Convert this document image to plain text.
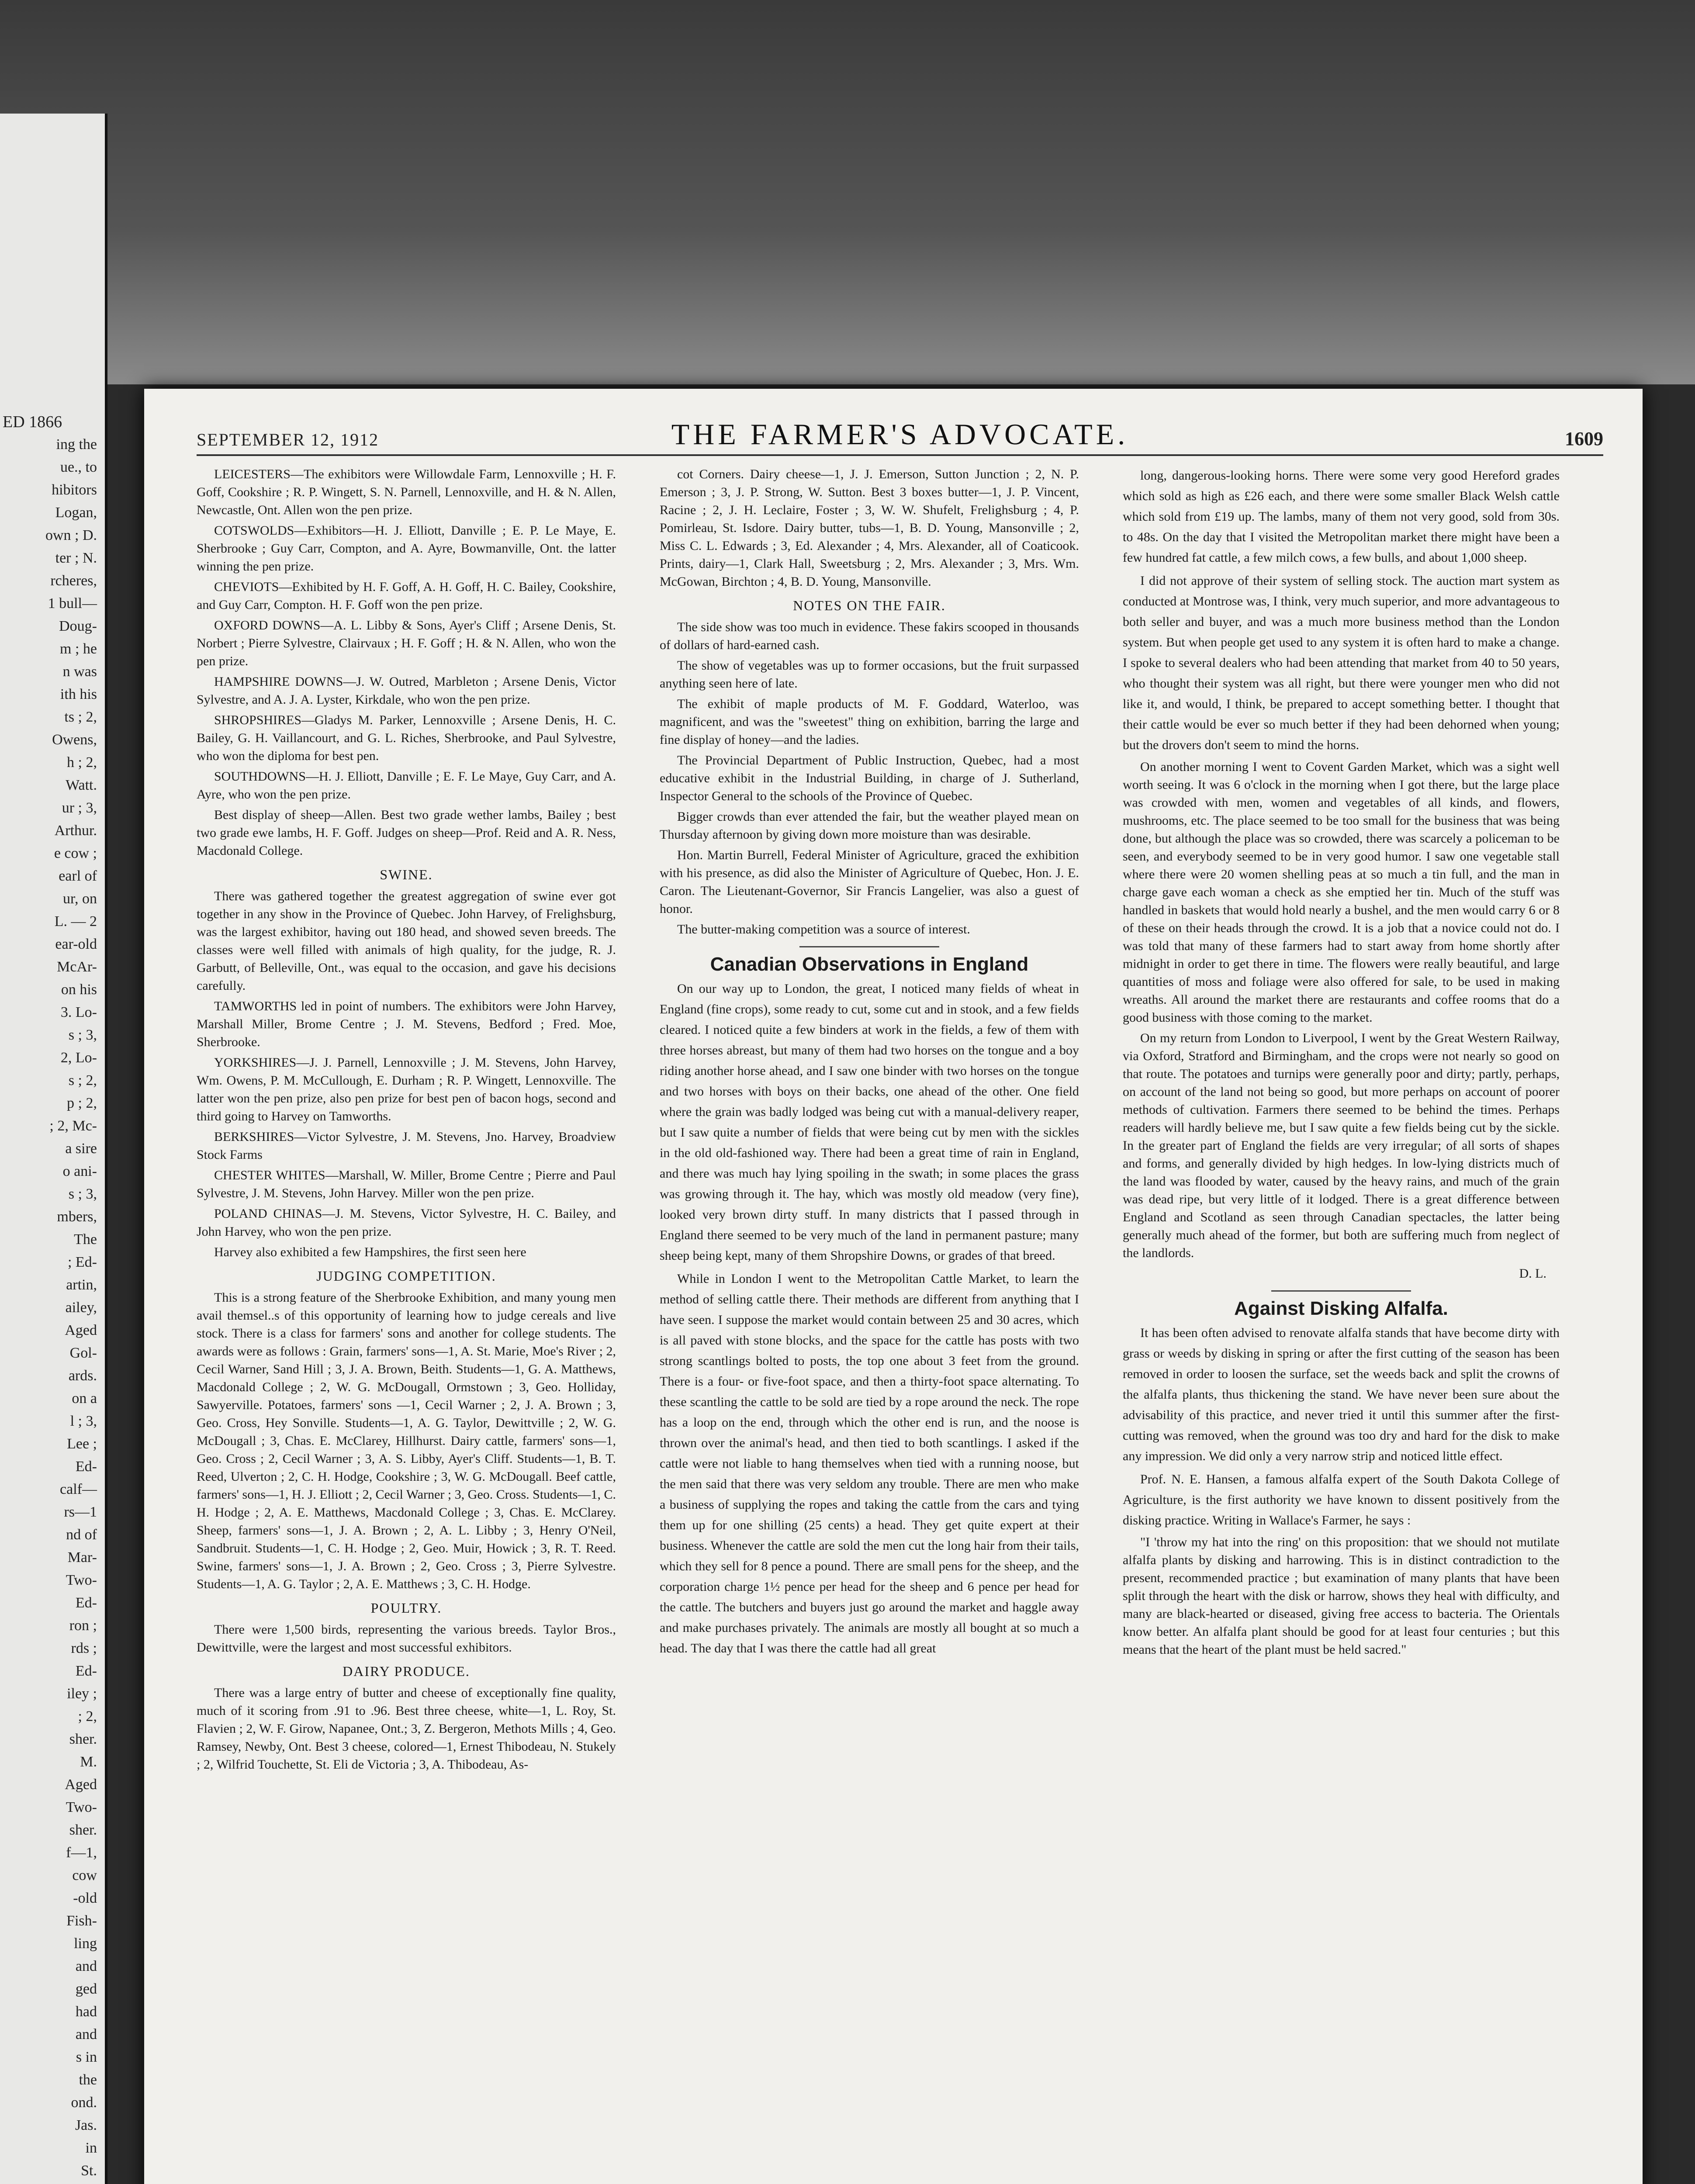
ED 1866

ing the

ue., to

hibitors

Logan,

own ; D.

ter ; N.

rcheres,

1 bull—

Doug-

m ; he

n was

ith his

ts ; 2,

Owens,

h ; 2,

Watt.

ur ; 3,

Arthur.

e cow ;

earl of

ur, on

L. — 2

ear-old

McAr-

on his

3. Lo-

s ; 3,

2, Lo-

s ; 2,

p ; 2,

; 2, Mc-

a sire

o ani-

s ; 3,

mbers,

The

; Ed-

artin,

ailey,

Aged

Gol-

ards.

on a

l ; 3,

Lee ;

Ed-

calf—

rs—1

nd of

Mar-

Two-

Ed-

ron ;

rds ;

Ed-

iley ;

; 2,

sher.

M.

Aged

Two-

sher.

f—1,

cow

-old

Fish-

ling

and

ged

had

and

s in

the

ond.

Jas.

in

St.

SEPTEMBER 12, 1912	THE FARMER'S ADVOCATE.	1609

LEICESTERS—The exhibitors were Willowdale Farm, Lennoxville ; H. F. Goff, Cookshire ; R. P. Wingett, S. N. Parnell, Lennoxville, and H. & N. Allen, Newcastle, Ont. Allen won the pen prize.

COTSWOLDS—Exhibitors—H. J. Elliott, Danville ; E. P. Le Maye, E. Sherbrooke ; Guy Carr, Compton, and A. Ayre, Bowmanville, Ont. the latter winning the pen prize.

CHEVIOTS—Exhibited by H. F. Goff, A. H. Goff, H. C. Bailey, Cookshire, and Guy Carr, Compton. H. F. Goff won the pen prize.

OXFORD DOWNS—A. L. Libby & Sons, Ayer's Cliff ; Arsene Denis, St. Norbert ; Pierre Sylvestre, Clairvaux ; H. F. Goff ; H. & N. Allen, who won the pen prize.

HAMPSHIRE DOWNS—J. W. Outred, Marbleton ; Arsene Denis, Victor Sylvestre, and A. J. A. Lyster, Kirkdale, who won the pen prize.

SHROPSHIRES—Gladys M. Parker, Lennoxville ; Arsene Denis, H. C. Bailey, G. H. Vaillancourt, and G. L. Riches, Sherbrooke, and Paul Sylvestre, who won the diploma for best pen.

SOUTHDOWNS—H. J. Elliott, Danville ; E. F. Le Maye, Guy Carr, and A. Ayre, who won the pen prize.

Best display of sheep—Allen. Best two grade wether lambs, Bailey ; best two grade ewe lambs, H. F. Goff. Judges on sheep—Prof. Reid and A. R. Ness, Macdonald College.

SWINE.

There was gathered together the greatest aggregation of swine ever got together in any show in the Province of Quebec. John Harvey, of Frelighsburg, was the largest exhibitor, having out 180 head, and showed seven breeds. The classes were well filled with animals of high quality, for the judge, R. J. Garbutt, of Belleville, Ont., was equal to the occasion, and gave his decisions carefully.

TAMWORTHS led in point of numbers. The exhibitors were John Harvey, Marshall Miller, Brome Centre ; J. M. Stevens, Bedford ; Fred. Moe, Sherbrooke.

YORKSHIRES—J. J. Parnell, Lennoxville ; J. M. Stevens, John Harvey, Wm. Owens, P. M. McCullough, E. Durham ; R. P. Wingett, Lennoxville. The latter won the pen prize, also pen prize for best pen of bacon hogs, second and third going to Harvey on Tamworths.

BERKSHIRES—Victor Sylvestre, J. M. Stevens, Jno. Harvey, Broadview Stock Farms

CHESTER WHITES—Marshall, W. Miller, Brome Centre ; Pierre and Paul Sylvestre, J. M. Stevens, John Harvey. Miller won the pen prize.

POLAND CHINAS—J. M. Stevens, Victor Sylvestre, H. C. Bailey, and John Harvey, who won the pen prize.

Harvey also exhibited a few Hampshires, the first seen here

JUDGING COMPETITION.

This is a strong feature of the Sherbrooke Exhibition, and many young men avail themsel..s of this opportunity of learning how to judge cereals and live stock. There is a class for farmers' sons and another for college students. The awards were as follows : Grain, farmers' sons—1, A. St. Marie, Moe's River ; 2, Cecil Warner, Sand Hill ; 3, J. A. Brown, Beith. Students—1, G. A. Matthews, Macdonald College ; 2, W. G. McDougall, Ormstown ; 3, Geo. Holliday, Sawyerville. Potatoes, farmers' sons —1, Cecil Warner ; 2, J. A. Brown ; 3, Geo. Cross, Hey Sonville. Students—1, A. G. Taylor, Dewittville ; 2, W. G. McDougall ; 3, Chas. E. McClarey, Hillhurst. Dairy cattle, farmers' sons—1, Geo. Cross ; 2, Cecil Warner ; 3, A. S. Libby, Ayer's Cliff. Students—1, B. T. Reed, Ulverton ; 2, C. H. Hodge, Cookshire ; 3, W. G. McDougall. Beef cattle, farmers' sons—1, H. J. Elliott ; 2, Cecil Warner ; 3, Geo. Cross. Students—1, C. H. Hodge ; 2, A. E. Matthews, Macdonald College ; 3, Chas. E. McClarey. Sheep, farmers' sons—1, J. A. Brown ; 2, A. L. Libby ; 3, Henry O'Neil, Sandbruit. Students—1, C. H. Hodge ; 2, Geo. Muir, Howick ; 3, R. T. Reed. Swine, farmers' sons—1, J. A. Brown ; 2, Geo. Cross ; 3, Pierre Sylvestre. Students—1, A. G. Taylor ; 2, A. E. Matthews ; 3, C. H. Hodge.

POULTRY.

There were 1,500 birds, representing the various breeds. Taylor Bros., Dewittville, were the largest and most successful exhibitors.

DAIRY PRODUCE.

There was a large entry of butter and cheese of exceptionally fine quality, much of it scoring from .91 to .96. Best three cheese, white—1, L. Roy, St. Flavien ; 2, W. F. Girow, Napanee, Ont.; 3, Z. Bergeron, Methots Mills ; 4, Geo. Ramsey, Newby, Ont. Best 3 cheese, colored—1, Ernest Thibodeau, N. Stukely ; 2, Wilfrid Touchette, St. Eli de Victoria ; 3, A. Thibodeau, As-

cot Corners. Dairy cheese—1, J. J. Emerson, Sutton Junction ; 2, N. P. Emerson ; 3, J. P. Strong, W. Sutton. Best 3 boxes butter—1, J. P. Vincent, Racine ; 2, J. H. Leclaire, Foster ; 3, W. W. Shufelt, Frelighsburg ; 4, P. Pomirleau, St. Isdore. Dairy butter, tubs—1, B. D. Young, Mansonville ; 2, Miss C. L. Edwards ; 3, Ed. Alexander ; 4, Mrs. Alexander, all of Coaticook. Prints, dairy—1, Clark Hall, Sweetsburg ; 2, Mrs. Alexander ; 3, Mrs. Wm. McGowan, Birchton ; 4, B. D. Young, Mansonville.

NOTES ON THE FAIR.

The side show was too much in evidence. These fakirs scooped in thousands of dollars of hard-earned cash.

The show of vegetables was up to former occasions, but the fruit surpassed anything seen here of late.

The exhibit of maple products of M. F. Goddard, Waterloo, was magnificent, and was the "sweetest" thing on exhibition, barring the large and fine display of honey—and the ladies.

The Provincial Department of Public Instruction, Quebec, had a most educative exhibit in the Industrial Building, in charge of J. Sutherland, Inspector General to the schools of the Province of Quebec.

Bigger crowds than ever attended the fair, but the weather played mean on Thursday afternoon by giving down more moisture than was desirable.

Hon. Martin Burrell, Federal Minister of Agriculture, graced the exhibition with his presence, as did also the Minister of Agriculture of Quebec, Hon. J. E. Caron. The Lieutenant-Governor, Sir Francis Langelier, was also a guest of honor.

The butter-making competition was a source of interest.

Canadian Observations in England

On our way up to London, the great, I noticed many fields of wheat in England (fine crops), some ready to cut, some cut and in stook, and a few fields cleared. I noticed quite a few binders at work in the fields, a few of them with three horses abreast, but many of them had two horses on the tongue and a boy riding another horse ahead, and I saw one binder with two horses on the tongue and two horses with boys on their backs, one ahead of the other. One field where the grain was badly lodged was being cut with a manual-delivery reaper, but I saw quite a number of fields that were being cut by men with the sickles in the old old-fashioned way. There had been a great time of rain in England, and there was much hay lying spoiling in the swath; in some places the grass was growing through it. The hay, which was mostly old meadow (very fine), looked very brown dirty stuff. In many districts that I passed through in England there seemed to be very much of the land in permanent pasture; many sheep being kept, many of them Shropshire Downs, or grades of that breed.

While in London I went to the Metropolitan Cattle Market, to learn the method of selling cattle there. Their methods are different from anything that I have seen. I suppose the market would contain between 25 and 30 acres, which is all paved with stone blocks, and the space for the cattle has posts with two strong scantlings bolted to posts, the top one about 3 feet from the ground. There is a four- or five-foot space, and then a thirty-foot space alternating. To these scantling the cattle to be sold are tied by a rope around the neck. The rope has a loop on the end, through which the other end is run, and the noose is thrown over the animal's head, and then tied to both scantlings. I asked if the cattle were not liable to hang themselves when tied with a running noose, but the men said that there was very seldom any trouble. There are men who make a business of supplying the ropes and taking the cattle from the cars and tying them up for one shilling (25 cents) a head. They get quite expert at their business. Whenever the cattle are sold the men cut the long hair from their tails, which they sell for 8 pence a pound. There are small pens for the sheep, and the corporation charge 1½ pence per head for the sheep and 6 pence per head for the cattle. The butchers and buyers just go around the market and haggle away and make purchases privately. The animals are mostly all bought at so much a head. The day that I was there the cattle had all great

long, dangerous-looking horns. There were some very good Hereford grades which sold as high as £26 each, and there were some smaller Black Welsh cattle which sold from £19 up. The lambs, many of them not very good, sold from 30s. to 48s. On the day that I visited the Metropolitan market there might have been a few hundred fat cattle, a few milch cows, a few bulls, and about 1,000 sheep.

I did not approve of their system of selling stock. The auction mart system as conducted at Montrose was, I think, very much superior, and more advantageous to both seller and buyer, and was a much more business method than the London system. But when people get used to any system it is often hard to make a change. I spoke to several dealers who had been attending that market from 40 to 50 years, who thought their system was all right, but there were younger men who did not like it, and would, I think, be prepared to accept something better. I thought that their cattle would be ever so much better if they had been dehorned when young; but the drovers don't seem to mind the horns.

On another morning I went to Covent Garden Market, which was a sight well worth seeing. It was 6 o'clock in the morning when I got there, but the large place was crowded with men, women and vegetables of all kinds, and flowers, mushrooms, etc. The place seemed to be too small for the business that was being done, but although the place was so crowded, there was scarcely a policeman to be seen, and everybody seemed to be in very good humor. I saw one vegetable stall where there were 20 women shelling peas at so much a tin full, and the man in charge gave each woman a check as she emptied her tin. Much of the stuff was handled in baskets that would hold nearly a bushel, and the men would carry 6 or 8 of these on their heads through the crowd. It is a job that a novice could not do. I was told that many of these farmers had to start away from home shortly after midnight in order to get there in time. The flowers were really beautiful, and large quantities of moss and foliage were also offered for sale, to be used in making wreaths. All around the market there are restaurants and coffee rooms that do a good business with those coming to the market.

On my return from London to Liverpool, I went by the Great Western Railway, via Oxford, Stratford and Birmingham, and the crops were not nearly so good on that route. The potatoes and turnips were generally poor and dirty; partly, perhaps, on account of the land not being so good, but more perhaps on account of poorer methods of cultivation. Farmers there seemed to be behind the times. Perhaps readers will hardly believe me, but I saw quite a few fields being cut by the sickle. In the greater part of England the fields are very irregular; of all sorts of shapes and forms, and generally divided by high hedges. In low-lying districts much of the land was flooded by water, caused by the heavy rains, and much of the grain was dead ripe, but very little of it lodged. There is a great difference between England and Scotland as seen through Canadian spectacles, the latter being generally much ahead of the former, but both are suffering much from neglect of the landlords.

D. L.

Against Disking Alfalfa.

It has been often advised to renovate alfalfa stands that have become dirty with grass or weeds by disking in spring or after the first cutting of the season has been removed in order to loosen the surface, set the weeds back and split the crowns of the alfalfa plants, thus thickening the stand. We have never been sure about the advisability of this practice, and never tried it until this summer after the first-cutting was removed, when the ground was too dry and hard for the disk to make any impression. We did only a very narrow strip and noticed little effect.

Prof. N. E. Hansen, a famous alfalfa expert of the South Dakota College of Agriculture, is the first authority we have known to dissent positively from the disking practice. Writing in Wallace's Farmer, he says :

"I 'throw my hat into the ring' on this proposition: that we should not mutilate alfalfa plants by disking and harrowing. This is in distinct contradiction to the present, recommended practice ; but examination of many plants that have been split through the heart with the disk or harrow, shows they heal with difficulty, and many are black-hearted or diseased, giving free access to bacteria. The Orientals know better. An alfalfa plant should be good for at least four centuries ; but this means that the heart of the plant must be held sacred."
